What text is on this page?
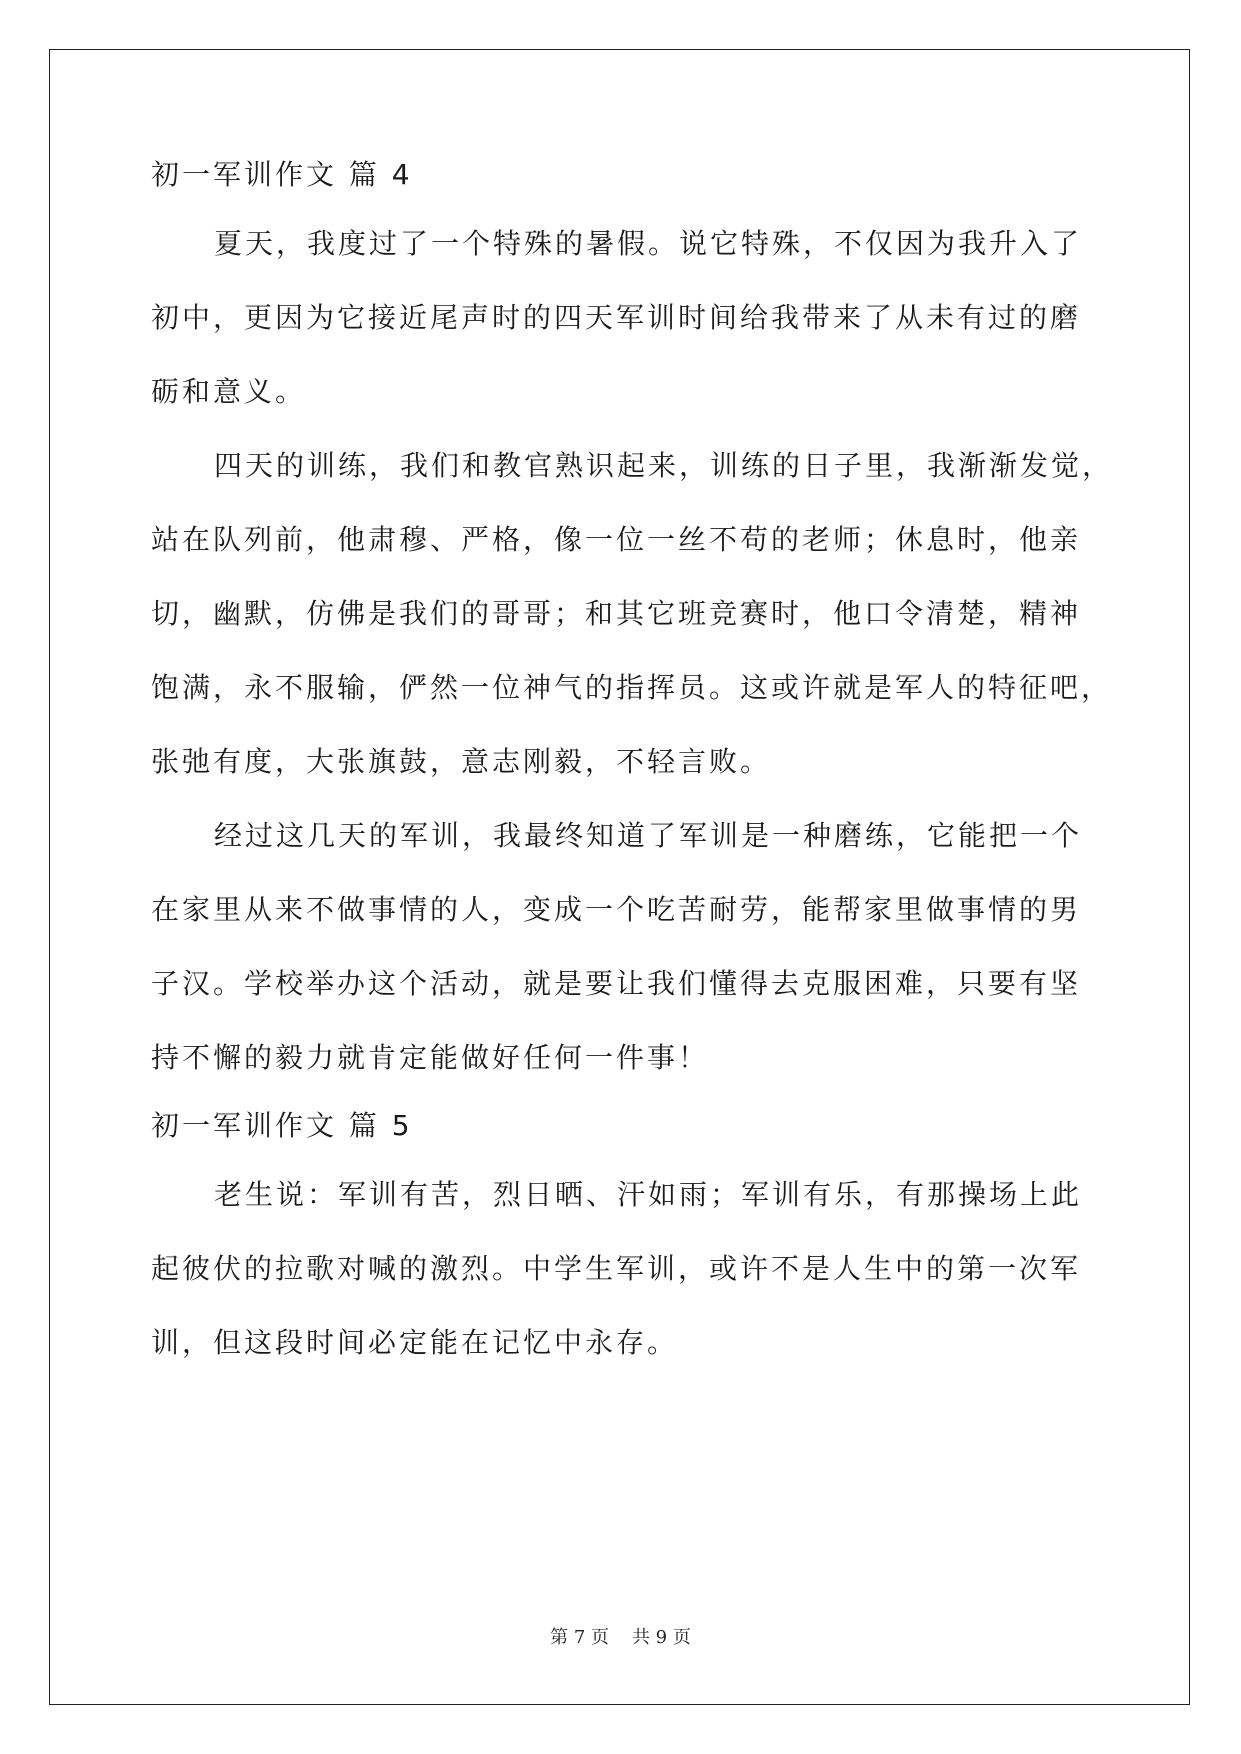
初一军训作文 篇 4
夏天，我度过了一个特殊的暑假。说它特殊，不仅因为我升入了
初中，更因为它接近尾声时的四天军训时间给我带来了从未有过的磨
砺和意义。
四天的训练，我们和教官熟识起来，训练的日子里，我渐渐发觉，
站在队列前，他肃穆、严格，像一位一丝不苟的老师；休息时，他亲
切，幽默，仿佛是我们的哥哥；和其它班竞赛时，他口令清楚，精神
饱满，永不服输，俨然一位神气的指挥员。这或许就是军人的特征吧，
张弛有度，大张旗鼓，意志刚毅，不轻言败。
经过这几天的军训，我最终知道了军训是一种磨练，它能把一个
在家里从来不做事情的人，变成一个吃苦耐劳，能帮家里做事情的男
子汉。学校举办这个活动，就是要让我们懂得去克服困难，只要有坚
持不懈的毅力就肯定能做好任何一件事！
初一军训作文 篇 5
老生说：军训有苦，烈日晒、汗如雨；军训有乐，有那操场上此
起彼伏的拉歌对喊的激烈。中学生军训，或许不是人生中的第一次军
训，但这段时间必定能在记忆中永存。
第 7 页 共 9 页
